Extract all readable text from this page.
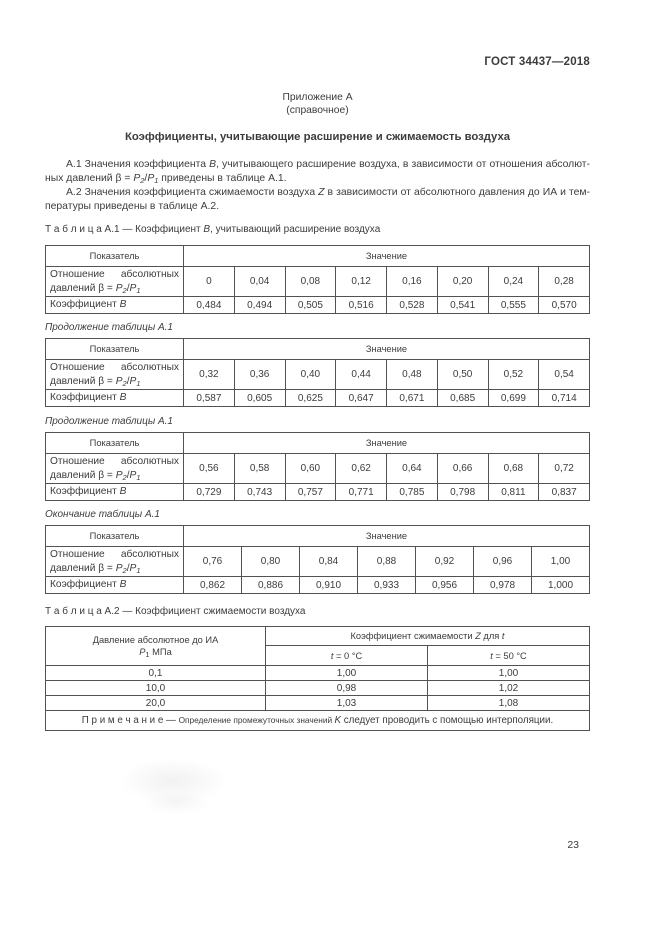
ГОСТ 34437—2018
Приложение А
(справочное)
Коэффициенты, учитывающие расширение и сжимаемость воздуха

А.1 Значения коэффициента B, учитывающего расширение воздуха, в зависимости от отношения абсолют-
ных давлений $\beta = P_2/P_1$ приведены в таблице А.1.

А.2 Значения коэффициента сжимаемости воздуха Z в зависимости от абсолютного давления до ИА и тем-
пературы приведены в таблице А.2.

Т а б л и ц а А.1 — Коэффициент B, учитывающий расширение воздуха

Показатель	Значение							

Отношение абсолютных
давлений $\beta = P_2/P_1$	0	0,04	0,08	0,12	0,16	0,20	0,24	0,28
Коэффициент B	0,484	0,494	0,505	0,516	0,528	0,541	0,555	0,570

Продолжение таблицы А.1

Показатель	Значение							

Отношение абсолютных
давлений $\beta = P_2/P_1$	0,32	0,36	0,40	0,44	0,48	0,50	0,52	0,54
Коэффициент B	0,587	0,605	0,625	0,647	0,671	0,685	0,699	0,714

Продолжение таблицы А.1

Показатель	Значение							

Отношение абсолютных
давлений $\beta = P_2/P_1$	0,56	0,58	0,60	0,62	0,64	0,66	0,68	0,72
Коэффициент B	0,729	0,743	0,757	0,771	0,785	0,798	0,811	0,837

Окончание таблицы А.1

Показатель	Значение						

Отношение абсолютных
давлений $\beta = P_2/P_1$	0,76	0,80	0,84	0,88	0,92	0,96	1,00
Коэффициент B	0,862	0,886	0,910	0,933	0,956	0,978	1,000

Т а б л и ц а А.2 — Коэффициент сжимаемости воздуха

Давление абсолютное до ИА
$P_1$ МПа	Коэффициент сжимаемости Z для t	
	t = 0 °С	t = 50 °С
0,1	1,00	1,00
10,0	0,98	1,02
20,0	1,03	1,08
П р и м е ч а н и е — Определение промежуточных значений K следует проводить с помощью интерполяции.		
23
